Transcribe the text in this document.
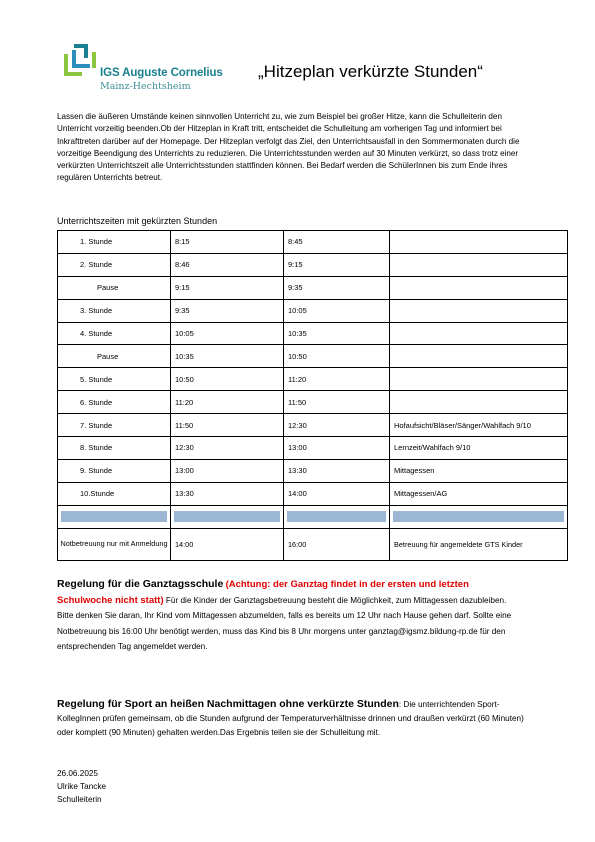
IGS Auguste Cornelius
Mainz-Hechtsheim
„Hitzeplan verkürzte Stunden“
Lassen die äußeren Umstände keinen sinnvollen Unterricht zu, wie zum Beispiel bei großer Hitze, kann die Schulleiterin den Unterricht vorzeitig beenden.Ob der Hitzeplan in Kraft tritt, entscheidet die Schulleitung am vorherigen Tag und informiert bei Inkrafttreten darüber auf der Homepage. Der Hitzeplan verfolgt das Ziel, den Unterrichtsausfall in den Sommermonaten durch die vorzeitige Beendigung des Unterrichts zu reduzieren. Die Unterrichtsstunden werden auf 30 Minuten verkürzt, so dass trotz einer verkürzten Unterrichtszeit alle Unterrichtsstunden stattfinden können. Bei Bedarf werden die SchülerInnen bis zum Ende ihres regulären Unterrichts betreut.
Unterrichtszeiten mit gekürzten Stunden
1. Stunde	8:15	8:45	
2. Stunde	8:46	9:15	
Pause	9:15	9:35	
3. Stunde	9:35	10:05	
4. Stunde	10:05	10:35	
Pause	10:35	10:50	
5. Stunde	10:50	11:20	
6. Stunde	11:20	11:50	
7. Stunde	11:50	12:30	Hofaufsicht/Bläser/Sänger/Wahlfach 9/10
8. Stunde	12:30	13:00	Lernzeit/Wahlfach 9/10
9. Stunde	13:00	13:30	Mittagessen
10.Stunde	13:30	14:00	Mittagessen/AG

Notbetreuung nur mit Anmeldung	14:00	16:00	Betreuung für angemeldete GTS Kinder
Regelung für die Ganztagsschule (Achtung: der Ganztag findet in der ersten und letzten Schulwoche nicht statt) Für die Kinder der Ganztagsbetreuung besteht die Möglichkeit, zum Mittagessen dazubleiben. Bitte denken Sie daran, Ihr Kind vom Mittagessen abzumelden, falls es bereits um 12 Uhr nach Hause gehen darf. Sollte eine Notbetreuung bis 16:00 Uhr benötigt werden, muss das Kind bis 8 Uhr morgens unter ganztag@igsmz.bildung-rp.de für den entsprechenden Tag angemeldet werden.
Regelung für Sport an heißen Nachmittagen ohne verkürzte Stunden: Die unterrichtenden Sport-KollegInnen prüfen gemeinsam, ob die Stunden aufgrund der Temperaturverhältnisse drinnen und draußen verkürzt (60 Minuten) oder komplett (90 Minuten) gehalten werden.Das Ergebnis teilen sie der Schulleitung mit.
26.06.2025
Ulrike Tancke
Schulleiterin
